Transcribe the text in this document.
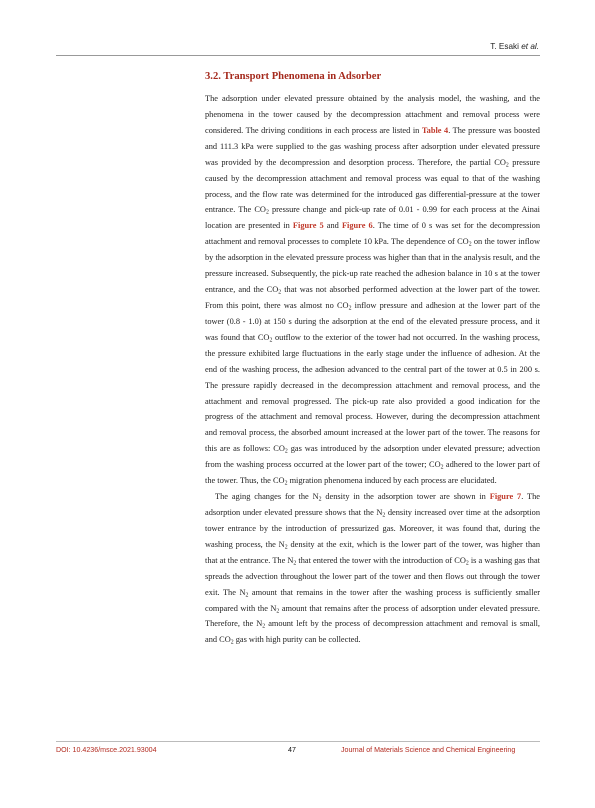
T. Esaki et al.
3.2. Transport Phenomena in Adsorber

The adsorption under elevated pressure obtained by the analysis model, the washing, and the phenomena in the tower caused by the decompression attachment and removal process were considered. The driving conditions in each process are listed in Table 4. The pressure was boosted and 111.3 kPa were supplied to the gas washing process after adsorption under elevated pressure was provided by the decompression and desorption process. Therefore, the partial $CO_2$ pressure caused by the decompression attachment and removal process was equal to that of the washing process, and the flow rate was determined for the introduced gas differential-pressure at the tower entrance. The $CO_2$ pressure change and pick-up rate of 0.01 - 0.99 for each process at the Ainai location are presented in Figure 5 and Figure 6. The time of 0 s was set for the decompression attachment and removal processes to complete 10 kPa. The dependence of $CO_2$ on the tower inflow by the adsorption in the elevated pressure process was higher than that in the analysis result, and the pressure increased. Subsequently, the pick-up rate reached the adhesion balance in 10 s at the tower entrance, and the $CO_2$ that was not absorbed performed advection at the lower part of the tower. From this point, there was almost no $CO_2$ inflow pressure and adhesion at the lower part of the tower (0.8 - 1.0) at 150 s during the adsorption at the end of the elevated pressure process, and it was found that $CO_2$ outflow to the exterior of the tower had not occurred. In the washing process, the pressure exhibited large fluctuations in the early stage under the influence of adhesion. At the end of the washing process, the adhesion advanced to the central part of the tower at 0.5 in 200 s. The pressure rapidly decreased in the decompression attachment and removal process, and the attachment and removal progressed. The pick-up rate also provided a good indication for the progress of the attachment and removal process. However, during the decompression attachment and removal process, the absorbed amount increased at the lower part of the tower. The reasons for this are as follows: $CO_2$ gas was introduced by the adsorption under elevated pressure; advection from the washing process occurred at the lower part of the tower; $CO_2$ adhered to the lower part of the tower. Thus, the $CO_2$ migration phenomena induced by each process are elucidated.

The aging changes for the $N_2$ density in the adsorption tower are shown in Figure 7. The adsorption under elevated pressure shows that the $N_2$ density increased over time at the adsorption tower entrance by the introduction of pressurized gas. Moreover, it was found that, during the washing process, the $N_2$ density at the exit, which is the lower part of the tower, was higher than that at the entrance. The $N_2$ that entered the tower with the introduction of $CO_2$ is a washing gas that spreads the advection throughout the lower part of the tower and then flows out through the tower exit. The $N_2$ amount that remains in the tower after the washing process is sufficiently smaller compared with the $N_2$ amount that remains after the process of adsorption under elevated pressure. Therefore, the $N_2$ amount left by the process of decompression attachment and removal is small, and $CO_2$ gas with high purity can be collected.

DOI: 10.4236/msce.2021.93004	47	Journal of Materials Science and Chemical Engineering
